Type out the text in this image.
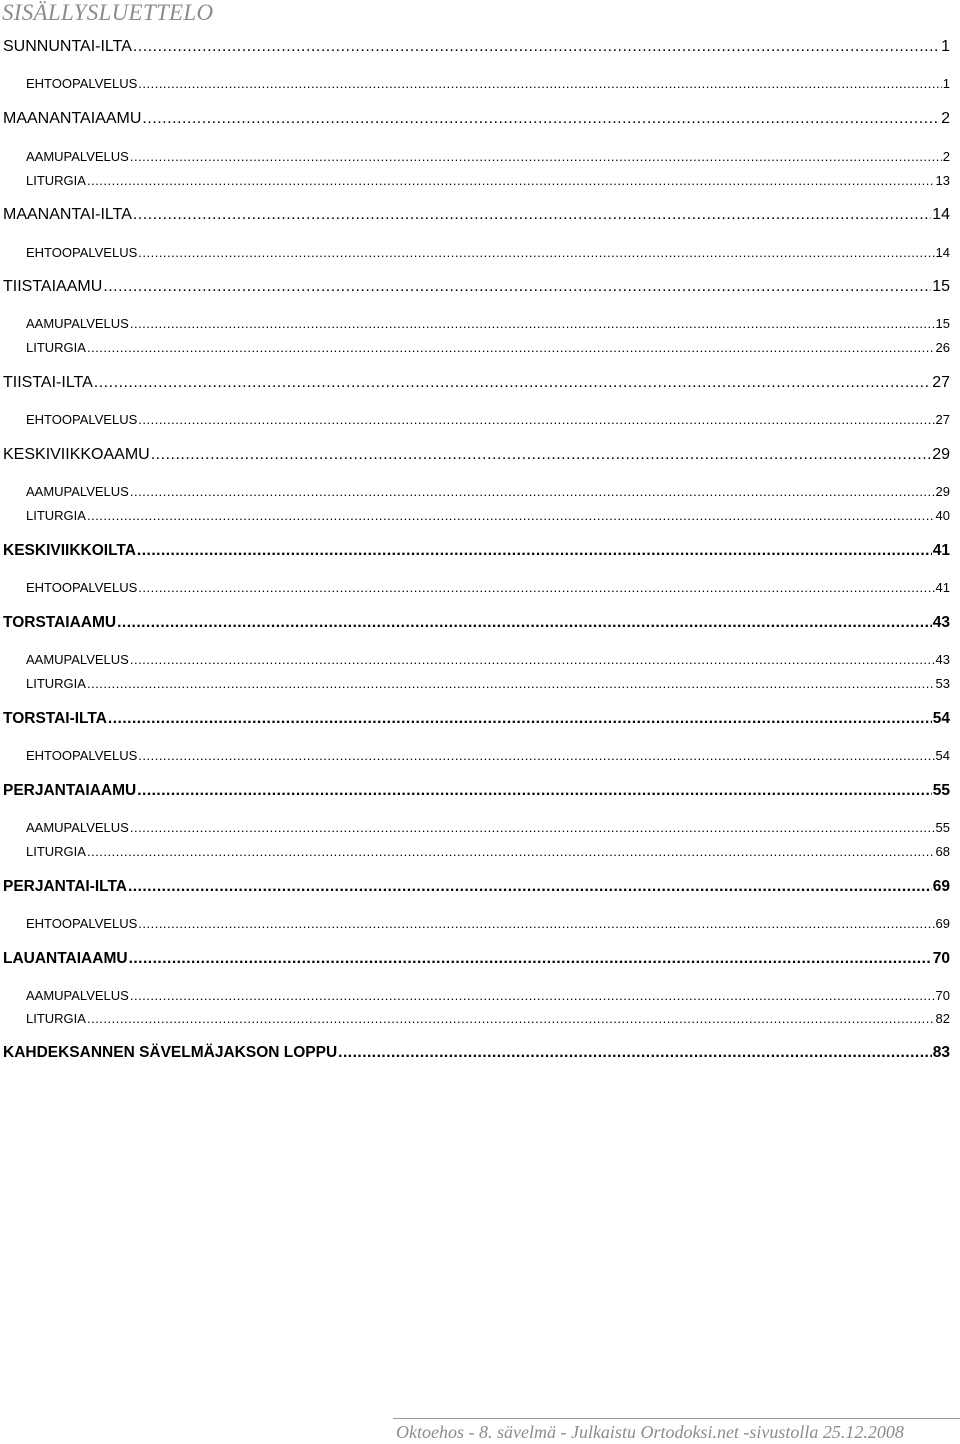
SISÄLLYSLUETTELO
SUNNUNTAI-ILTA .....	1
EHTOOPALVELUS .....	1
MAANANTAIAAMU .....	2
AAMUPALVELUS .....	2
LITURGIA .....	13
MAANANTAI-ILTA .....	14
EHTOOPALVELUS .....	14
TIISTAIAAMU .....	15
AAMUPALVELUS .....	15
LITURGIA .....	26
TIISTAI-ILTA .....	27
EHTOOPALVELUS .....	27
KESKIVIIKKOAAMU .....	29
AAMUPALVELUS .....	29
LITURGIA .....	40
KESKIVIIKKOILTA .....	41
EHTOOPALVELUS .....	41
TORSTAIAAMU .....	43
AAMUPALVELUS .....	43
LITURGIA .....	53
TORSTAI-ILTA .....	54
EHTOOPALVELUS .....	54
PERJANTAIAAMU .....	55
AAMUPALVELUS .....	55
LITURGIA .....	68
PERJANTAI-ILTA .....	69
EHTOOPALVELUS .....	69
LAUANTAIAAMU .....	70
AAMUPALVELUS .....	70
LITURGIA .....	82
KAHDEKSANNEN SÄVELMÄJAKSON LOPPU .....	83
Oktoehos - 8. sävelmä - Julkaistu Ortodoksi.net -sivustolla 25.12.2008
